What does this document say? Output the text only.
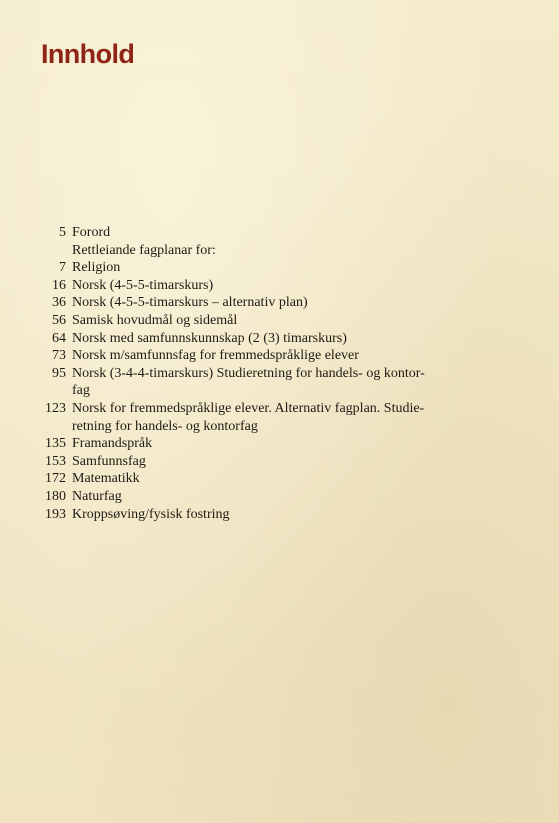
Innhold
5 Forord
Rettleiande fagplanar for:
7 Religion
16 Norsk (4-5-5-timarskurs)
36 Norsk (4-5-5-timarskurs – alternativ plan)
56 Samisk hovudmål og sidemål
64 Norsk med samfunnskunnskap (2 (3) timarskurs)
73 Norsk m/samfunnsfag for fremmedspråklige elever
95 Norsk (3-4-4-timarskurs) Studieretning for handels- og kontor-
fag
123 Norsk for fremmedspråklige elever. Alternativ fagplan. Studie-
retning for handels- og kontorfag
135 Framandspråk
153 Samfunnsfag
172 Matematikk
180 Naturfag
193 Kroppsøving/fysisk fostring
